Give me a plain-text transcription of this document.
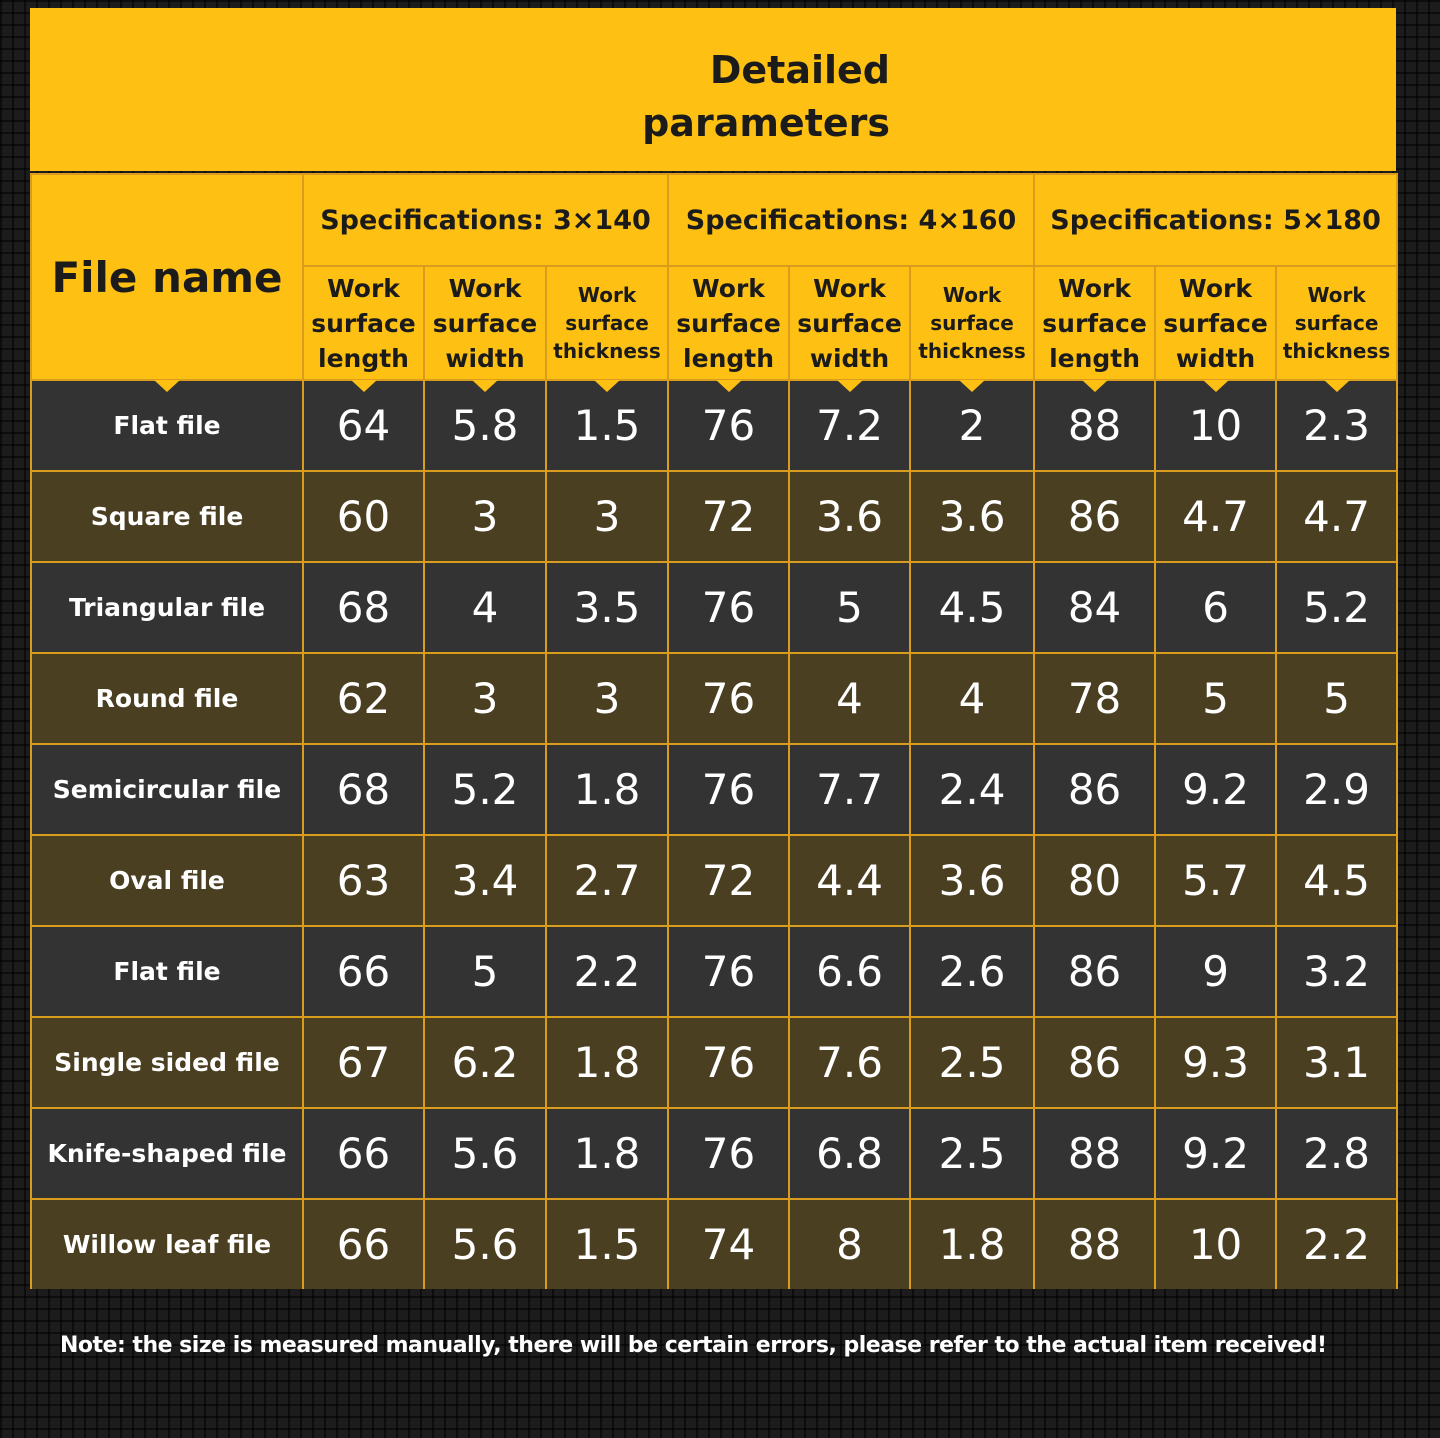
Detailed
parameters
File name	Specifications: 3×140			Specifications: 4×160			Specifications: 5×180		
	Work
surface
length	Work
surface
width	Work
surface
thickness	Work
surface
length	Work
surface
width	Work
surface
thickness	Work
surface
length	Work
surface
width	Work
surface
thickness
Flat file	64	5.8	1.5	76	7.2	2	88	10	2.3
Square file	60	3	3	72	3.6	3.6	86	4.7	4.7
Triangular file	68	4	3.5	76	5	4.5	84	6	5.2
Round file	62	3	3	76	4	4	78	5	5
Semicircular file	68	5.2	1.8	76	7.7	2.4	86	9.2	2.9
Oval file	63	3.4	2.7	72	4.4	3.6	80	5.7	4.5
Flat file	66	5	2.2	76	6.6	2.6	86	9	3.2
Single sided file	67	6.2	1.8	76	7.6	2.5	86	9.3	3.1
Knife-shaped file	66	5.6	1.8	76	6.8	2.5	88	9.2	2.8
Willow leaf file	66	5.6	1.5	74	8	1.8	88	10	2.2
Note: the size is measured manually, there will be certain errors, please refer to the actual item received!
